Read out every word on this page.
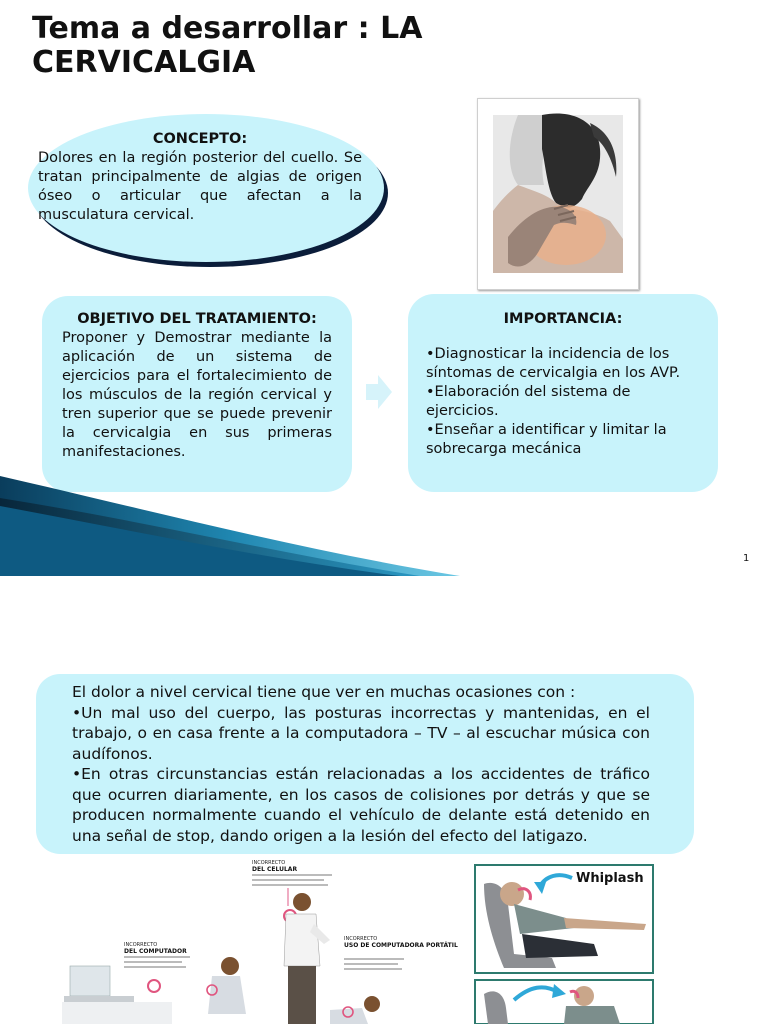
Tema a desarrollar : LA CERVICALGIA
CONCEPTO:
Dolores en la región posterior del cuello. Se tratan principalmente de algias de origen óseo o articular que afectan a la musculatura cervical.
OBJETIVO DEL TRATAMIENTO:
Proponer y Demostrar mediante la aplicación de un sistema de ejercicios para el fortalecimiento de los músculos de la región cervical y tren superior que se puede prevenir la cervicalgia en sus primeras manifestaciones.
IMPORTANCIA:
•Diagnosticar la incidencia de los síntomas de cervicalgia en los AVP.
•Elaboración del sistema de ejercicios.
•Enseñar a identificar y limitar la sobrecarga mecánica
1

El dolor a nivel cervical tiene que ver en muchas ocasiones con :

•Un mal uso del cuerpo, las posturas incorrectas y mantenidas, en el trabajo, o en casa frente a la computadora – TV – al escuchar música con audífonos.

•En otras circunstancias están relacionadas a los accidentes de tráfico que ocurren diariamente, en los casos de colisiones por detrás y que se producen normalmente cuando el vehículo de delante está detenido en una señal de stop, dando origen a la lesión del efecto del latigazo.

INCORRECTO
DEL CELULAR
INCORRECTO
DEL COMPUTADOR
INCORRECTO
USO DE COMPUTADORA PORTÁTIL
Whiplash
